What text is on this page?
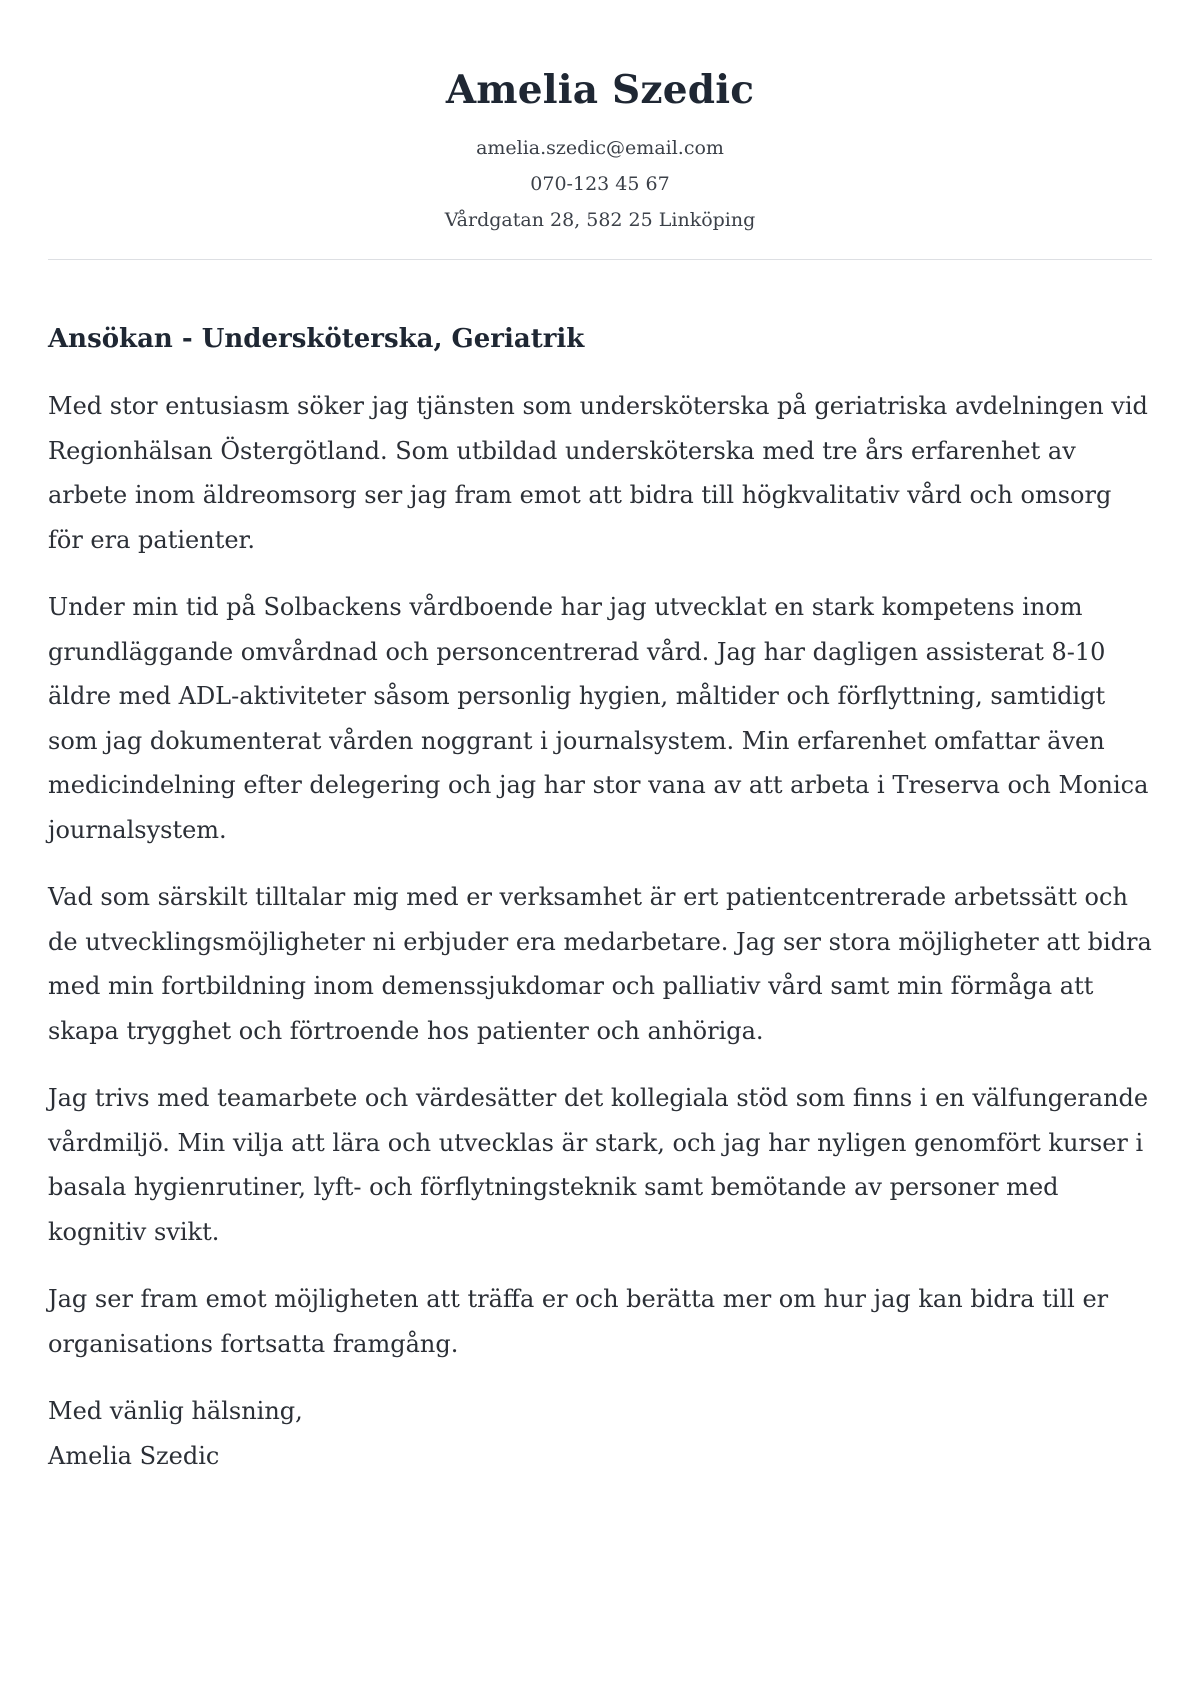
Amelia Szedic

amelia.szedic@email.com

070-123 45 67

Vårdgatan 28, 582 25 Linköping

Ansökan - Undersköterska, Geriatrik

Med stor entusiasm söker jag tjänsten som undersköterska på geriatriska avdelningen vid Regionhälsan Östergötland. Som utbildad undersköterska med tre års erfarenhet av arbete inom äldreomsorg ser jag fram emot att bidra till högkvalitativ vård och omsorg för era patienter.

Under min tid på Solbackens vårdboende har jag utvecklat en stark kompetens inom grundläggande omvårdnad och personcentrerad vård. Jag har dagligen assisterat 8-10 äldre med ADL-aktiviteter såsom personlig hygien, måltider och förflyttning, samtidigt som jag dokumenterat vården noggrant i journalsystem. Min erfarenhet omfattar även medicindelning efter delegering och jag har stor vana av att arbeta i Treserva och Monica journalsystem.

Vad som särskilt tilltalar mig med er verksamhet är ert patientcentrerade arbetssätt och de utvecklingsmöjligheter ni erbjuder era medarbetare. Jag ser stora möjligheter att bidra med min fortbildning inom demenssjukdomar och palliativ vård samt min förmåga att skapa trygghet och förtroende hos patienter och anhöriga.

Jag trivs med teamarbete och värdesätter det kollegiala stöd som finns i en välfungerande vårdmiljö. Min vilja att lära och utvecklas är stark, och jag har nyligen genomfört kurser i basala hygienrutiner, lyft- och förflytningsteknik samt bemötande av personer med kognitiv svikt.

Jag ser fram emot möjligheten att träffa er och berätta mer om hur jag kan bidra till er organisations fortsatta framgång.

Med vänlig hälsning,

Amelia Szedic
